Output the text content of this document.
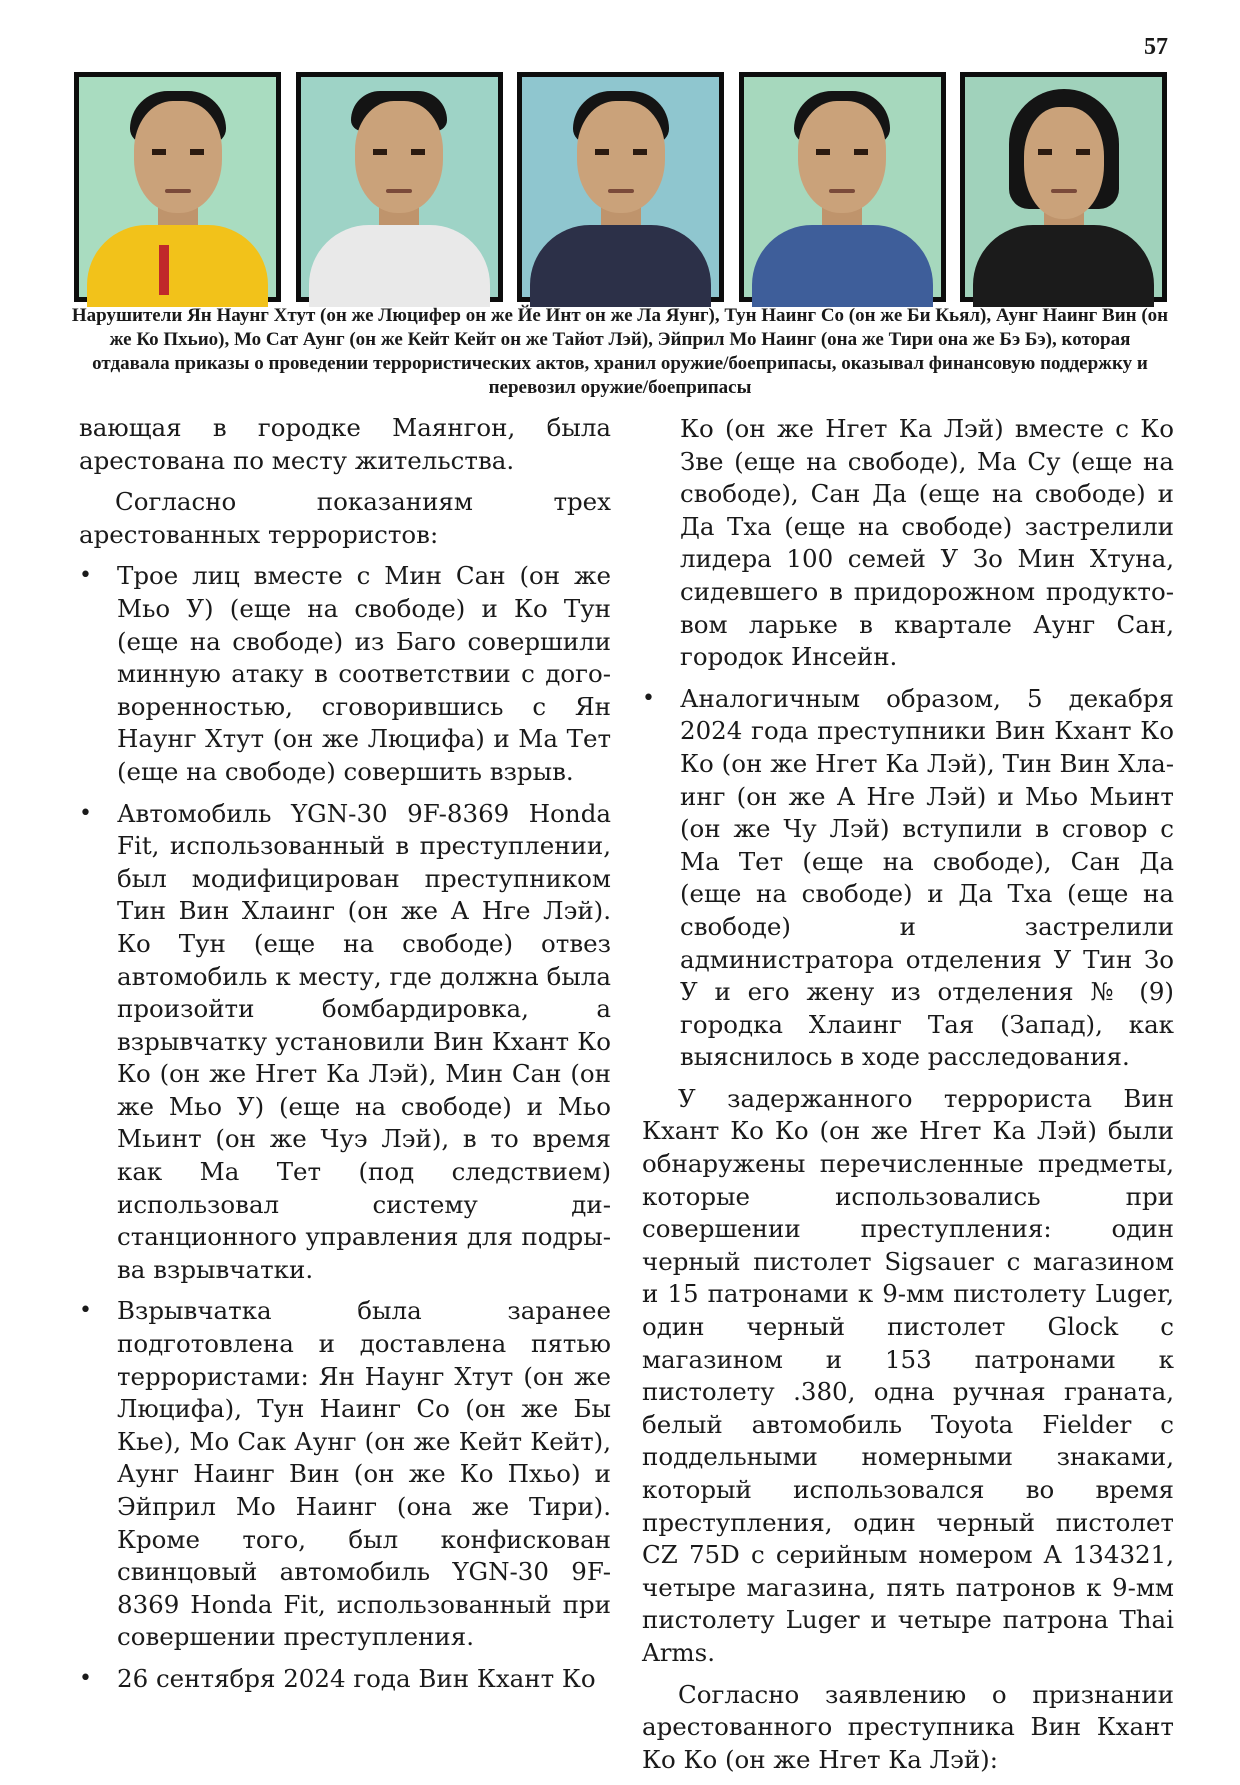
57
Нарушители Ян Наунг Хтут (он же Люцифер он же Йе Инт он же Ла Яунг), Тун Наинг Со (он же Би Кьял), Аунг Наинг Вин (он же Ко Пхьио), Мо Сат Аунг (он же Кейт Кейт он же Тайот Лэй), Эйприл Мо Наинг (она же Тири она же Бэ Бэ), которая отдавала приказы о проведении террористических актов, хранил оружие/боеприпасы, оказывал финансовую поддержку и перевозил оружие/боеприпасы

вающая в городке Маянгон, была арестована по месту жительства.

Согласно показаниям трех арестованных террористов:

• Трое лиц вместе с Мин Сан (он же Мьо У) (еще на свободе) и Ко Тун (еще на свободе) из Баго совершили минную атаку в соответствии с договоренностью, сговорившись с Ян Наунг Хтут (он же Люцифа) и Ма Тет (еще на свободе) совершить взрыв.
• Автомобиль YGN-30 9F-8369 Honda Fit, использованный в преступлении, был модифицирован преступником Тин Вин Хлаинг (он же А Нге Лэй). Ко Тун (еще на свободе) отвез автомобиль к месту, где должна была произойти бомбардировка, а взрывчатку установили Вин Кхант Ко Ко (он же Нгет Ка Лэй), Мин Сан (он же Мьо У) (еще на свободе) и Мьо Мьинт (он же Чуэ Лэй), в то время как Ма Тет (под следствием) использовал систему дистанционного управления для подрыва взрывчатки.
• Взрывчатка была заранее подготовлена и доставлена пятью террористами: Ян Наунг Хтут (он же Люцифа), Тун Наинг Со (он же Бы Кье), Мо Сак Аунг (он же Кейт Кейт), Аунг Наинг Вин (он же Ко Пхьо) и Эйприл Мо Наинг (она же Тири). Кроме того, был конфискован свинцовый автомобиль YGN-30 9F-8369 Honda Fit, использованный при совершении преступления.
• 26 сентября 2024 года Вин Кхант Ко
Ко (он же Нгет Ка Лэй) вместе с Ко Зве (еще на свободе), Ма Су (еще на свободе), Сан Да (еще на свободе) и Да Тха (еще на свободе) застрелили лидера 100 семей У Зо Мин Хтуна, сидевшего в придорожном продуктовом ларьке в квартале Аунг Сан, городок Инсейн.
• Аналогичным образом, 5 декабря 2024 года преступники Вин Кхант Ко Ко (он же Нгет Ка Лэй), Тин Вин Хлаинг (он же А Нге Лэй) и Мьо Мьинт (он же Чу Лэй) вступили в сговор с Ма Тет (еще на свободе), Сан Да (еще на свободе) и Да Тха (еще на свободе) и застрелили администратора отделения У Тин Зо У и его жену из отделения № (9) городка Хлаинг Тая (Запад), как выяснилось в ходе расследования.

У задержанного террориста Вин Кхант Ко Ко (он же Нгет Ка Лэй) были обнаружены перечисленные предметы, которые использовались при совершении преступления: один черный пистолет Sigsauer с магазином и 15 патронами к 9-мм пистолету Luger, один черный пистолет Glock с магазином и 153 патронами к пистолету .380, одна ручная граната, белый автомобиль Toyota Fielder с поддельными номерными знаками, который использовался во время преступления, один черный пистолет CZ 75D с серийным номером A 134321, четыре магазина, пять патронов к 9-мм пистолету Luger и четыре патрона Thai Arms.

Согласно заявлению о признании арестованного преступника Вин Кхант Ко Ко (он же Нгет Ка Лэй):
